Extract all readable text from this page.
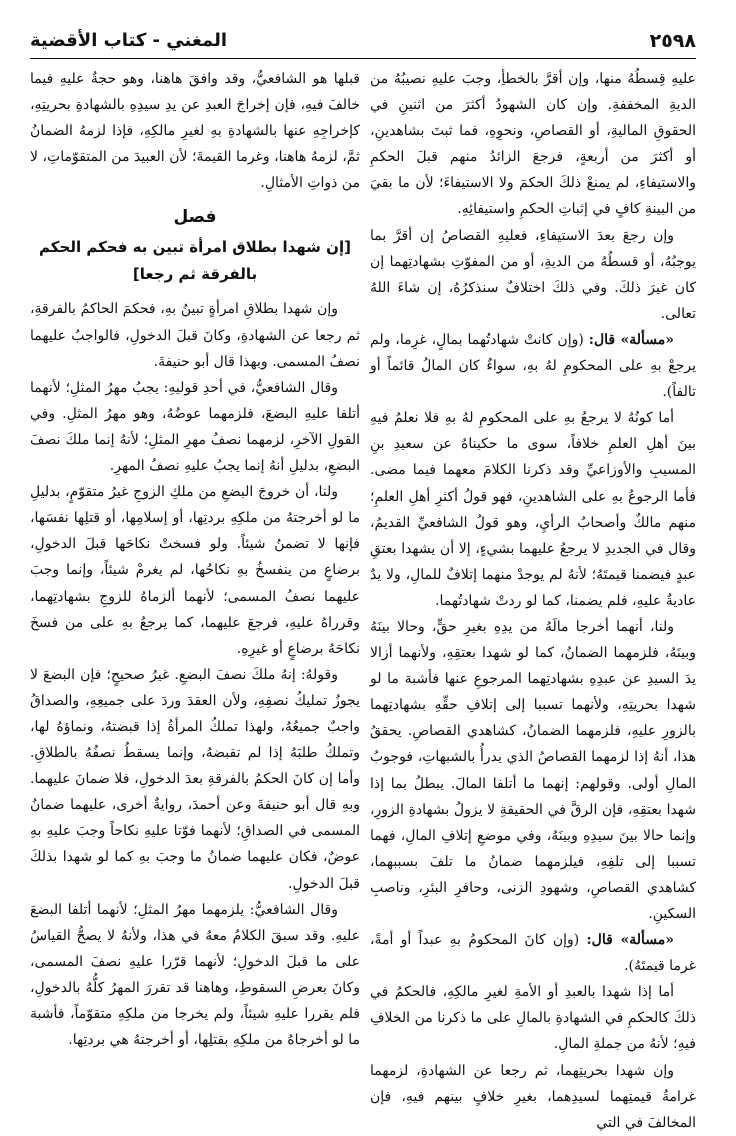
٢٥٩٨
المغني - كتاب الأقضية

عليهِ قِسطُهُ منها، وإن أقرَّ بالخطأِ، وجبَ عليهِ نصيبُهُ من الديةِ المخففةِ. وإن كان الشهودُ أكثرَ من اثنينِ في الحقوقِ الماليةِ، أو القصاصِ، ونحوِهِ، فما ثبتَ بشاهدينِ، أو أكثرَ من أربعةٍ، فرجعَ الزائدُ منهم قبلَ الحكمِ والاستيفاءِ، لم يمنعْ ذلكَ الحكمَ ولا الاستيفاءَ؛ لأن ما بقيَ من البينةِ كافٍ في إثباتِ الحكمِ واستيفائِهِ.

وإن رجعَ بعدَ الاستيفاءِ، فعليهِ القصاصُ إن أقرَّ بما يوجبُهُ، أو قسطُهُ من الديةِ، أو من المفوّتِ بشهادتِهما إن كان غيرَ ذلكَ. وفي ذلكَ اختلافٌ سنذكرُهُ، إن شاءَ اللهُ تعالى.

«مسألة» قال: (وإن كانتْ شهادتُهما بمالٍ، غرِما، ولم يرجعْ بهِ على المحكومِ لهُ بهِ، سواءٌ كان المالُ قائماً أو تالفاً).

أما كونُهُ لا يرجعُ بهِ على المحكومِ لهُ بهِ فلا نعلمُ فيهِ بينَ أهلِ العلمِ خلافاً، سوى ما حكيناهُ عن سعيدِ بنِ المسيبِ والأوزاعيِّ وقد ذكرنا الكلامَ معهما فيما مضى. فأما الرجوعُ بهِ على الشاهدينِ، فهو قولُ أكثرِ أهلِ العلمِ؛ منهم مالكٌ وأصحابُ الرأيِ، وهو قولُ الشافعيِّ القديمُ، وقال في الجديدِ لا يرجعُ عليهما بشيءٍ، إلا أن يشهدا بعتقِ عبدٍ فيضمنا قيمتَهُ؛ لأنهُ لم يوجدْ منهما إتلافٌ للمالِ، ولا يدٌ عاديةٌ عليهِ، فلم يضمنا، كما لو ردتْ شهادتُهما.

ولنا، أنهما أخرجا مالَهُ من يدِهِ بغيرِ حقٍّ، وحالا بينَهُ وبينَهُ، فلزمهما الضمانُ، كما لو شهدا بعتقِهِ، ولأنهما أزالا يدَ السيدِ عن عبدِهِ بشهادتِهما المرجوعِ عنها فأشبهَ ما لو شهدا بحريتِهِ، ولأنهما تسببا إلى إتلافِ حقِّهِ بشهادتِهما بالزورِ عليهِ، فلزمهما الضمانُ، كشاهدي القصاصِ. يحققُ هذا، أنهُ إذا لزمهما القصاصُ الذي يدرأُ بالشبهاتِ، فوجوبُ المالِ أولى. وقولهم: إنهما ما أتلفا المالَ. يبطلُ بما إذا شهدا بعتقِهِ، فإن الرقَّ في الحقيقةِ لا يزولُ بشهادةِ الزورِ، وإنما حالا بينَ سيدِهِ وبينَهُ، وفي موضعِ إتلافِ المالِ، فهما تسببا إلى تلفِهِ، فيلزمهما ضمانُ ما تلفَ بسببهما، كشاهدي القصاصِ، وشهودِ الزنى، وحافرِ البئرِ، وناصبِ السكينِ.

«مسألة» قال: (وإن كانَ المحكومُ بهِ عبداً أو أمةً، غرما قيمتَهُ).

أما إذا شهدا بالعبدِ أو الأمةِ لغيرِ مالكِهِ، فالحكمُ في ذلكَ كالحكمِ في الشهادةِ بالمالِ على ما ذكرنا من الخلافِ فيهِ؛ لأنهُ من جملةِ المالِ.

وإن شهدا بحريتِهما، ثم رجعا عن الشهادةِ، لزمهما غرامةُ قيمتِهما لسيدِهما، بغيرِ خلافٍ بينهم فيهِ، فإن المخالفَ في التي

قبلها هو الشافعيُّ، وقد وافقَ هاهنا، وهو حجةٌ عليهِ فيما خالفَ فيهِ، فإن إخراجَ العبدِ عن يدِ سيدِهِ بالشهادةِ بحريتِهِ، كإخراجِهِ عنها بالشهادةِ بهِ لغيرِ مالكِهِ، فإذا لزمهُ الضمانُ ثمَّ، لزمهُ هاهنا، وغرما القيمةَ؛ لأن العبيدَ من المتقوّماتِ، لا من ذواتِ الأمثالِ.

فصل

[إن شهدا بطلاق امرأة تبين به فحكم الحكم بالفرقة ثم رجعا]

وإن شهدا بطلاقِ امرأةٍ تبينُ بهِ، فحكمَ الحاكمُ بالفرقةِ، ثم رجعا عن الشهادةِ، وكانَ قبلَ الدخولِ، فالواجبُ عليهما نصفُ المسمى. وبهذا قال أبو حنيفةَ.

وقال الشافعيُّ، في أحدِ قوليهِ: يجبُ مهرُ المثلِ؛ لأنهما أتلفا عليهِ البضعَ، فلزمهما عوضُهُ، وهو مهرُ المثلِ. وفي القولِ الآخرِ، لزمهما نصفُ مهرِ المثلِ؛ لأنهُ إنما ملكَ نصفَ البضعِ، بدليلِ أنهُ إنما يجبُ عليهِ نصفُ المهرِ.

ولنا، أن خروجَ البضعِ من ملكِ الزوجِ غيرُ متقوّمٍ، بدليلِ ما لو أخرجتهُ من ملكِهِ بردتِها، أو إسلامِها، أو قتلِها نفسَها، فإنها لا تضمنُ شيئاً. ولو فسختْ نكاحَها قبلَ الدخولِ، برضاعٍ من ينفسخُ بهِ نكاحُها، لم يغرمْ شيئاً، وإنما وجبَ عليهما نصفُ المسمى؛ لأنهما ألزماهُ للزوجِ بشهادتِهما، وقرراهُ عليهِ، فرجعَ عليهما، كما يرجعُ بهِ على من فسخَ نكاحَهُ برضاعٍ أو غيرِهِ.

وقولهُ: إنهُ ملكَ نصفَ البضعِ. غيرُ صحيحٍ؛ فإن البضعَ لا يجوزُ تمليكُ نصفِهِ، ولأن العقدَ وردَ على جميعِهِ، والصداقُ واجبٌ جميعُهُ، ولهذا تملكُ المرأةُ إذا قبضتهُ، ونماؤهُ لها، وتملكُ طلبَهُ إذا لم تقبضهُ، وإنما يسقطُ نصفُهُ بالطلاقِ. وأما إن كانَ الحكمُ بالفرقةِ بعدَ الدخولِ، فلا ضمانَ عليهما. وبهِ قال أبو حنيفةَ وعن أحمدَ، روايةٌ أخرى، عليهما ضمانُ المسمى في الصداقِ؛ لأنهما فوّتا عليهِ نكاحاً وجبَ عليهِ بهِ عوضٌ، فكان عليهما ضمانُ ما وجبَ بهِ كما لو شهدا بذلكَ قبلَ الدخولِ.

وقال الشافعيُّ: يلزمهما مهرُ المثلِ؛ لأنهما أتلفا البضعَ عليهِ. وقد سبقَ الكلامُ معهُ في هذا، ولأنهُ لا يصحُّ القياسُ على ما قبلَ الدخولِ؛ لأنهما قرّرا عليهِ نصفَ المسمى، وكانَ بعرضِ السقوطِ، وهاهنا قد تقررَ المهرُ كلُّهُ بالدخولِ، فلم يقررا عليهِ شيئاً، ولم يخرجا من ملكِهِ متقوّماً، فأشبهَ ما لو أخرجاهُ من ملكِهِ بقتلِها، أو أخرجتهُ هي بردتِها.
